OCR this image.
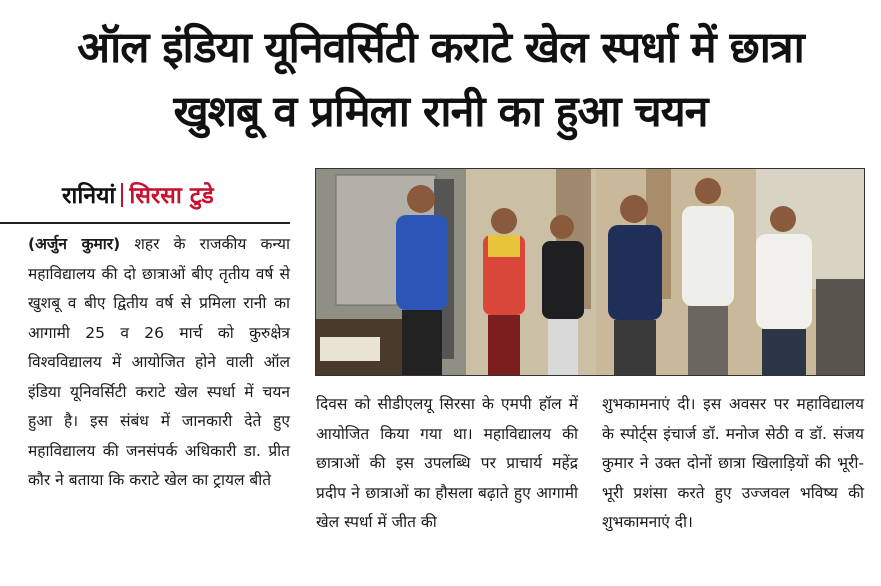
ऑल इंडिया यूनिवर्सिटी कराटे खेल स्पर्धा में छात्रा
खुशबू व प्रमिला रानी का हुआ चयन
रानियां सिरसा टुडे

(अर्जुन कुमार) शहर के राजकीय कन्या महाविद्यालय की दो छात्राओं बीए तृतीय वर्ष से खुशबू व बीए द्वितीय वर्ष से प्रमिला रानी का आगामी 25 व 26 मार्च को कुरुक्षेत्र विश्वविद्यालय में आयोजित होने वाली ऑल इंडिया यूनिवर्सिटी कराटे खेल स्पर्धा में चयन हुआ है। इस संबंध में जानकारी देते हुए महाविद्यालय की जनसंपर्क अधिकारी डा. प्रीत कौर ने बताया कि कराटे खेल का ट्रायल बीते

दिवस को सीडीएलयू सिरसा के एमपी हॉल में आयोजित किया गया था। महाविद्यालय की छात्राओं की इस उपलब्धि पर प्राचार्य महेंद्र प्रदीप ने छात्राओं का हौसला बढ़ाते हुए आगामी खेल स्पर्धा में जीत की

शुभकामनाएं दी। इस अवसर पर महाविद्यालय के स्पोर्ट्स इंचार्ज डॉ. मनोज सेठी व डॉ. संजय कुमार ने उक्त दोनों छात्रा खिलाड़ियों की भूरी-भूरी प्रशंसा करते हुए उज्जवल भविष्य की शुभकामनाएं दी।
